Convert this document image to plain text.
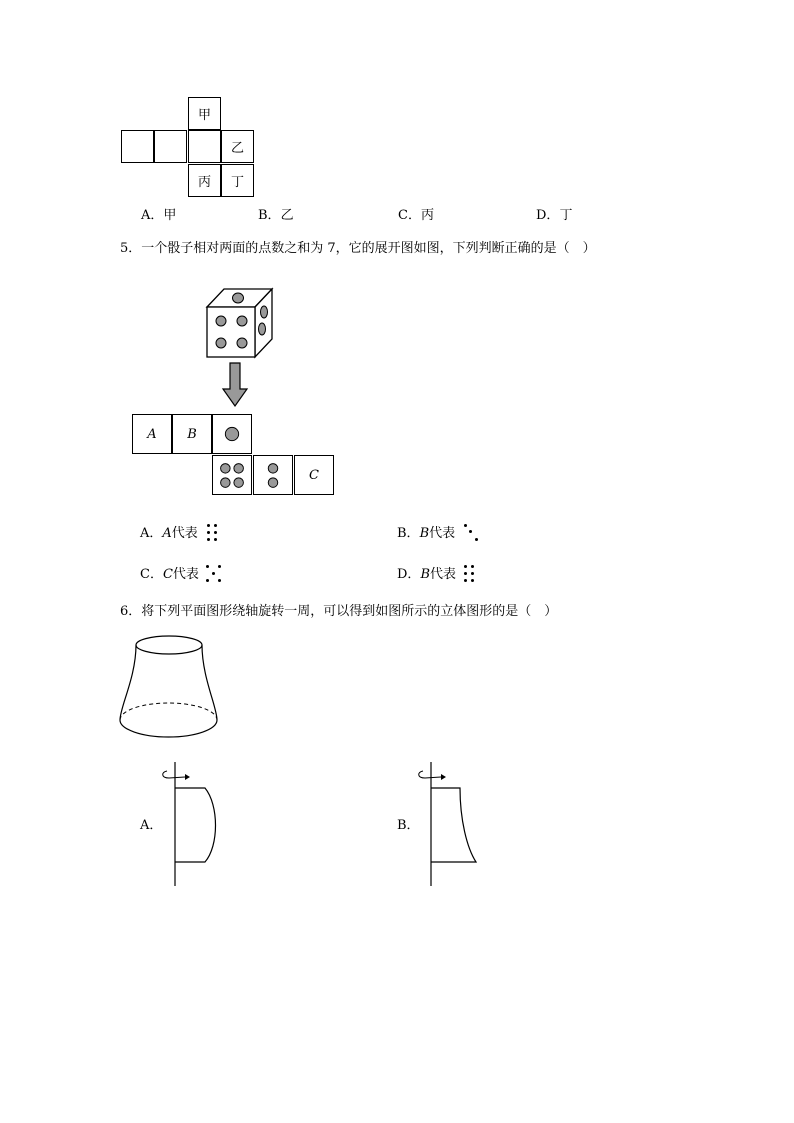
甲
乙
丙 丁
A．甲	B．乙	C．丙	D．丁
5．一个骰子相对两面的点数之和为 7，它的展开图如图，下列判断正确的是（　）
A B
C
A．A代表	B．B代表
C．C代表	D．B代表
6．将下列平面图形绕轴旋转一周，可以得到如图所示的立体图形的是（　）
A．	B．
